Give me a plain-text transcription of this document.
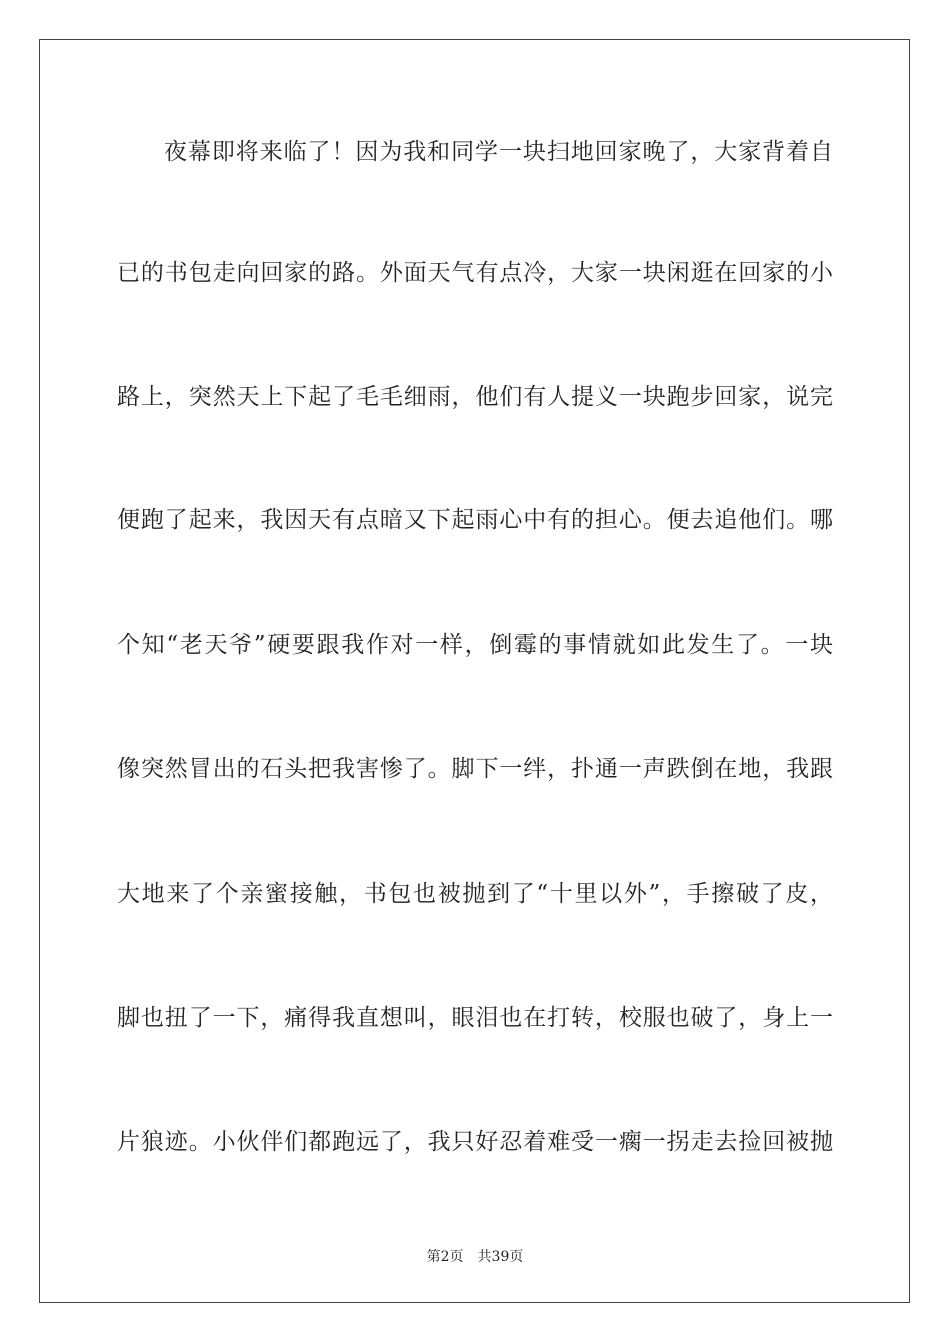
夜幕即将来临了！因为我和同学一块扫地回家晚了，大家背着自
已的书包走向回家的路。外面天气有点冷，大家一块闲逛在回家的小
路上，突然天上下起了毛毛细雨，他们有人提义一块跑步回家，说完
便跑了起来，我因天有点暗又下起雨心中有的担心。便去追他们。哪
个知“老天爷”硬要跟我作对一样，倒霉的事情就如此发生了。一块
像突然冒出的石头把我害惨了。脚下一绊，扑通一声跌倒在地，我跟
大地来了个亲蜜接触，书包也被抛到了“十里以外”，手擦破了皮，
脚也扭了一下，痛得我直想叫，眼泪也在打转，校服也破了，身上一
片狼迹。小伙伴们都跑远了，我只好忍着难受一瘸一拐走去捡回被抛
第2页 共39页
